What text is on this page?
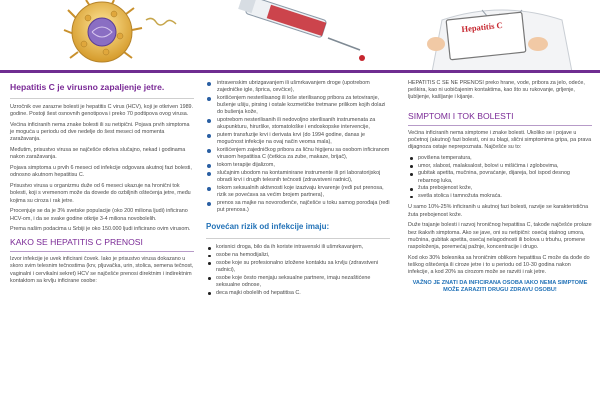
Hepatitis C
Hepatitis C je virusno zapaljenje jetre.

Uzročnik ove zarazne bolesti je hepatitis C virus (HCV), koji je otkriven 1989. godine. Postoji šest osnovnih genotipova i preko 70 podtipova ovog virusa.

Većina inficiranih nema znake bolesti ili su netipični. Pojava prvih simptoma je moguća u periodu od dve nedelje do šest meseci od momenta zaražavanja.

Međutim, prisustvo virusa se najčešće otkriva slučajno, nekad i godinama nakon zaražavanja.

Pojava simptoma u prvih 6 meseci od infekcije odgovara akutnoj fazi bolesti, odnosno akutnom hepatitisu C.

Prisustvo virusa u organizmu duže od 6 meseci ukazuje na hronični tok bolesti, koji s vremenom može da dovede do ozbiljnih oštećenja jetre, među kojima su ciroza i rak jetre.

Procenjuje se da je 3% svetske populacije (oko 200 miliona ljudi) inficirano HCV-om, i da se svake godine otkrije 3-4 miliona novobolelih.

Prema našim podacima u Srbiji je oko 150.000 ljudi inficirano ovim virusom.

KAKO SE HEPATITIS C PRENOSI

Izvor infekcije je uvek inficirani čovek. Iako je prisustvo virusa dokazano u skoro svim telesnim tečnostima (krv, pljuvačka, urin, stolica, semena tečnost, vaginalni i cervikalni sekret) HCV se najčešće prenosi direktnim i indirektnim kontaktom sa krvlju inficirane osobe:

intravenskim ubrizgavanjem ili ušmrkavanjem droge (upotrebom zajedničke igle, šprica, cevčice),
korišćenjem nesterilisanog ili loše sterilisanog pribora za tetoviranje, bušenje ušiju, pirsing i ostale kozmetičke tretmane prilikom kojih dolazi do bušenja kože,
upotrebom nesterilisanih ili nedovoljno sterilisanih instrumenata za akupunkturu, hirurške, stomatološke i endoskopske intervencije,
putem transfuzije krvi i derivata krvi (do 1994 godine, danas je mogućnost infekcije na ovaj način veoma mala),
korišćenjem zajedničkog pribora za ličnu higijenu sa osobom inficiranom virusom hepatitisa C (četkica za zube, makaze, brijač),
tokom terapije dijalizom,
slučajnim ubodom na kontaminirane instrumente ili pri laboratorijskoj obradi krvi i drugih telesnih tečnosti (zdravstveni radnici),
tokom seksualnih aktivnosti koje izazivaju krvarenje (ređi put prenosa, rizik se povećava sa većim brojem partnera),
prenos sa majke na novorođenče, najčešće u toku samog porođaja (ređi put prenosa.)
Povećan rizik od infekcije imaju:
korisnici droga, bilo da ih koriste intravenski ili ušmrkavanjem,
osobe na hemodijalizi,
osobe koje su profesionalno izložene kontaktu sa krvlju (zdravstveni radnici),
osobe koje često menjaju seksualne partnere, imaju nezaštićene seksualne odnose,
deca majki obolelih od hepatitisa C.

HEPATITIS C SE NE PRENOSI preko hrane, vode, pribora za jelo, odeće, peškira, kao ni uobičajenim kontaktima, kao što su rukovanje, grljenje, ljubljenje, kašljanje i kijanje.

SIMPTOMI I TOK BOLESTI

Većina inficiranih nema simptome i znake bolesti. Ukoliko se i pojave u početnoj (akutnoj) fazi bolesti, oni su blagi, slični simptomima gripa, pa prava dijagnoza ostaje neprepoznata. Najčešće su to:

povišena temperatura,
umor, slabost, malaksalost, bolovi u mišićima i zglobovima,
gubitak apetita, mučnina, povraćanje, dijareja, bol ispod desnog rebarnog luka,
žuta prebojenost kože,
svetla stolica i tamnožuta mokraća.

U samo 10%-25% inficiranih u akutnoj fazi bolesti, razvije se karakteristična žuta prebojenost kože.

Duže trajanje bolesti i razvoj hroničnog hepatitisa C, takođe najčešće prolaze bez ikakvih simptoma. Ako se jave, oni su netipični: osećaj stalnog umora, mučnina, gubitak apetita, osećaj nelagodnosti ili bolova u trbuhu, promene raspoloženja, poremećaj pažnje, koncentracije i drugo.

Kod oko 30% bolesnika sa hroničnim oblikom hepatitisa C može da dođe do teškog oštećenja ili ciroze jetre i to u periodu od 10-30 godina nakon infekcije, a kod 20% sa cirozom može se razviti i rak jetre.

VAŽNO JE ZNATI DA INFICIRANA OSOBA IAKO NEMA SIMPTOME MOŽE ZARAZITI DRUGU ZDRAVU OSOBU!
